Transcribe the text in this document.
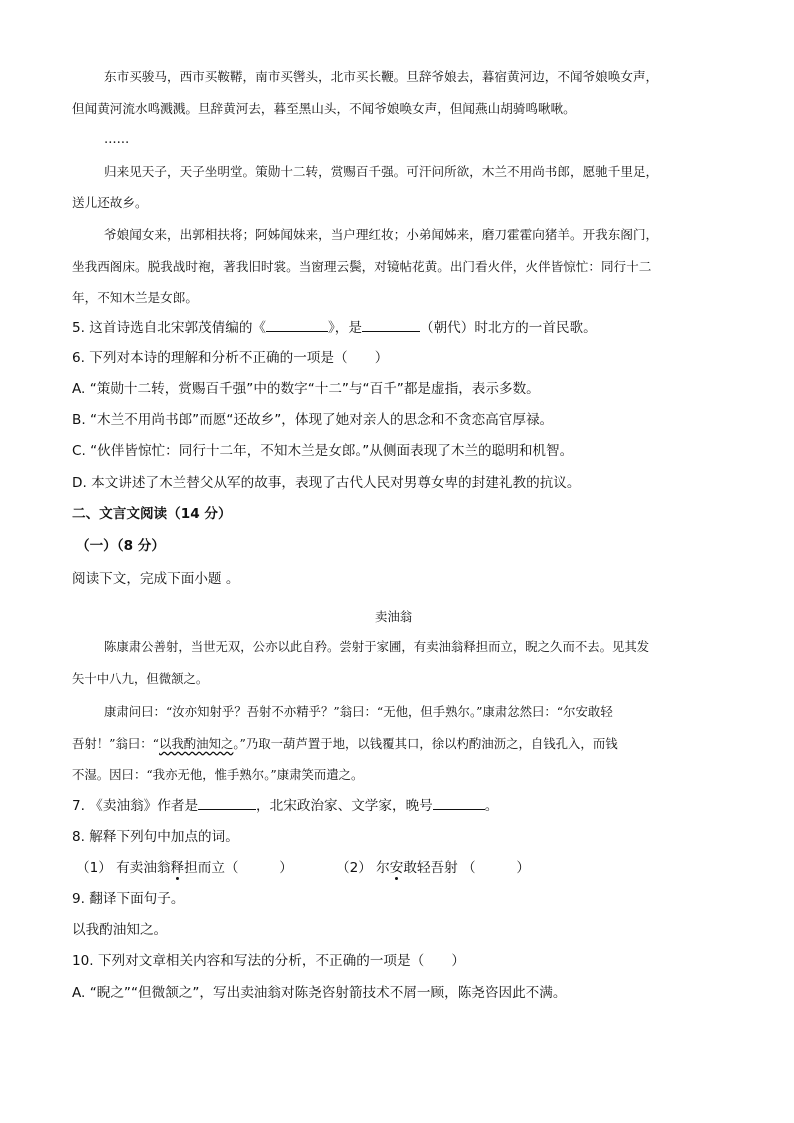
东市买骏马，西市买鞍鞯，南市买辔头，北市买长鞭。旦辞爷娘去，暮宿黄河边，不闻爷娘唤女声，
但闻黄河流水鸣溅溅。旦辞黄河去，暮至黑山头，不闻爷娘唤女声，但闻燕山胡骑鸣啾啾。
……
归来见天子，天子坐明堂。策勋十二转，赏赐百千强。可汗问所欲，木兰不用尚书郎，愿驰千里足，
送儿还故乡。
爷娘闻女来，出郭相扶将；阿姊闻妹来，当户理红妆；小弟闻姊来，磨刀霍霍向猪羊。开我东阁门，
坐我西阁床。脱我战时袍，著我旧时裳。当窗理云鬓，对镜帖花黄。出门看火伴，火伴皆惊忙：同行十二
年，不知木兰是女郎。
5. 这首诗选自北宋郭茂倩编的《	》，是	（朝代）时北方的一首民歌。
6. 下列对本诗的理解和分析不正确的一项是（　　）
A. “策勋十二转，赏赐百千强”中的数字“十二”与“百千”都是虚指，表示多数。
B. “木兰不用尚书郎”而愿“还故乡”，体现了她对亲人的思念和不贪恋高官厚禄。
C. “伙伴皆惊忙：同行十二年，不知木兰是女郎。”从侧面表现了木兰的聪明和机智。
D. 本文讲述了木兰替父从军的故事，表现了古代人民对男尊女卑的封建礼教的抗议。
二、文言文阅读（14 分）
（一）（8 分）
阅读下文，完成下面小题 。
卖油翁
陈康肃公善射，当世无双，公亦以此自矜。尝射于家圃，有卖油翁释担而立，睨之久而不去。见其发
矢十中八九，但微颔之。
康肃问曰：“汝亦知射乎？吾射不亦精乎？”翁曰：“无他，但手熟尔。”康肃忿然曰：“尔安敢轻
吾射！”翁曰：“以我酌油知之。”乃取一葫芦置于地，以钱覆其口，徐以杓酌油沥之，自钱孔入，而钱
不湿。因曰：“我亦无他，惟手熟尔。”康肃笑而遣之。
7. 《卖油翁》作者是	，北宋政治家、文学家，晚号	。
8. 解释下列句中加点的词。
（1） 有卖油翁释担而立（　　　）	（2） 尔安敢轻吾射 （　　　）
9. 翻译下面句子。
以我酌油知之。
10. 下列对文章相关内容和写法的分析，不正确的一项是（　　）
A. “睨之”“但微颔之”，写出卖油翁对陈尧咨射箭技术不屑一顾，陈尧咨因此不满。
